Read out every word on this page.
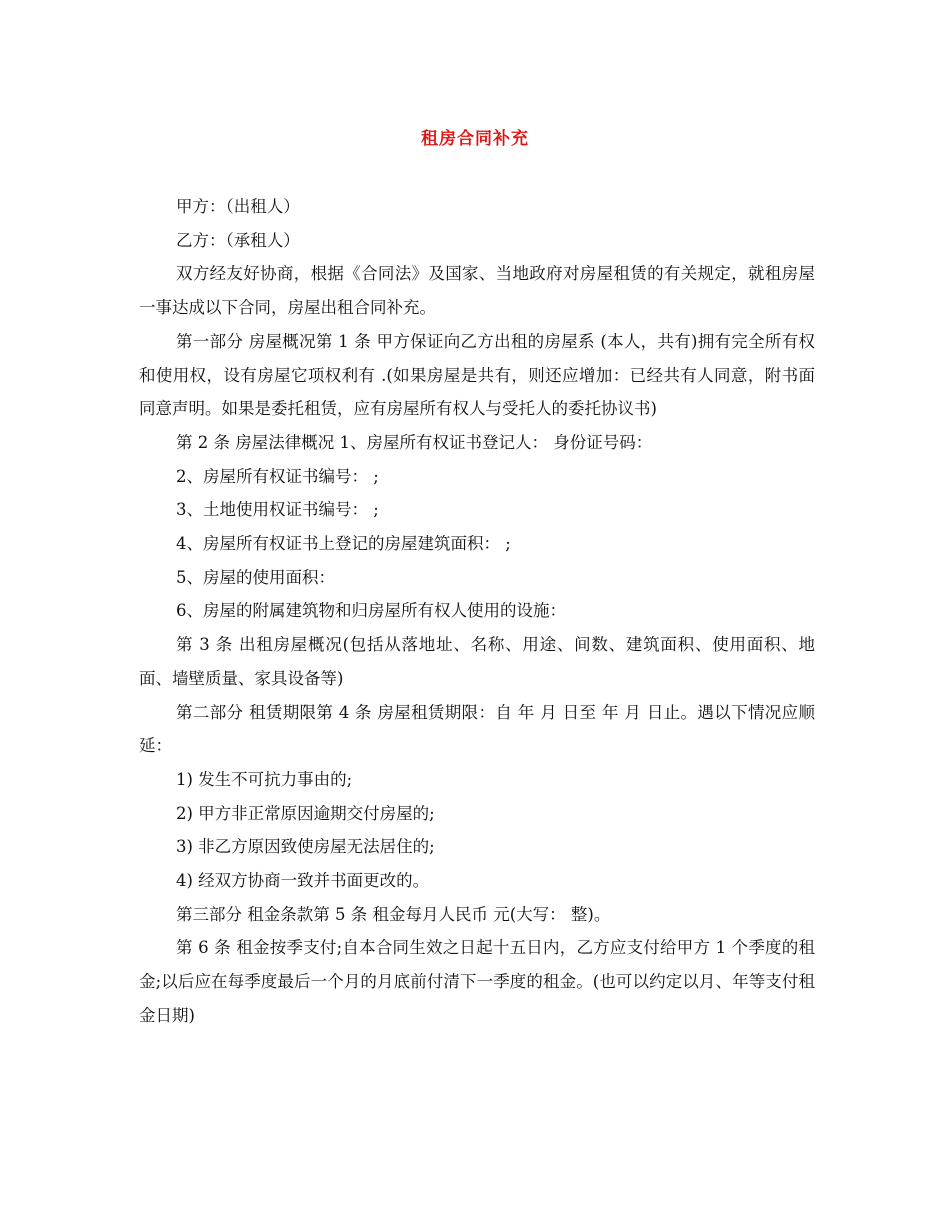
租房合同补充

甲方：（出租人）

乙方：（承租人）

双方经友好协商，根据《合同法》及国家、当地政府对房屋租赁的有关规定，就租房屋一事达成以下合同，房屋出租合同补充。

第一部分 房屋概况第 1 条 甲方保证向乙方出租的房屋系 (本人，共有)拥有完全所有权和使用权，设有房屋它项权利有 .(如果房屋是共有，则还应增加：已经共有人同意，附书面同意声明。如果是委托租赁，应有房屋所有权人与受托人的委托协议书)

第 2 条 房屋法律概况 1、房屋所有权证书登记人： 身份证号码：

2、房屋所有权证书编号： ;

3、土地使用权证书编号： ;

4、房屋所有权证书上登记的房屋建筑面积： ;

5、房屋的使用面积：

6、房屋的附属建筑物和归房屋所有权人使用的设施：

第 3 条 出租房屋概况(包括从落地址、名称、用途、间数、建筑面积、使用面积、地面、墙壁质量、家具设备等)

第二部分 租赁期限第 4 条 房屋租赁期限：自 年 月 日至 年 月 日止。遇以下情况应顺延：

1) 发生不可抗力事由的;

2) 甲方非正常原因逾期交付房屋的;

3) 非乙方原因致使房屋无法居住的;

4) 经双方协商一致并书面更改的。

第三部分 租金条款第 5 条 租金每月人民币 元(大写： 整)。

第 6 条 租金按季支付;自本合同生效之日起十五日内，乙方应支付给甲方 1 个季度的租金;以后应在每季度最后一个月的月底前付清下一季度的租金。(也可以约定以月、年等支付租金日期)
